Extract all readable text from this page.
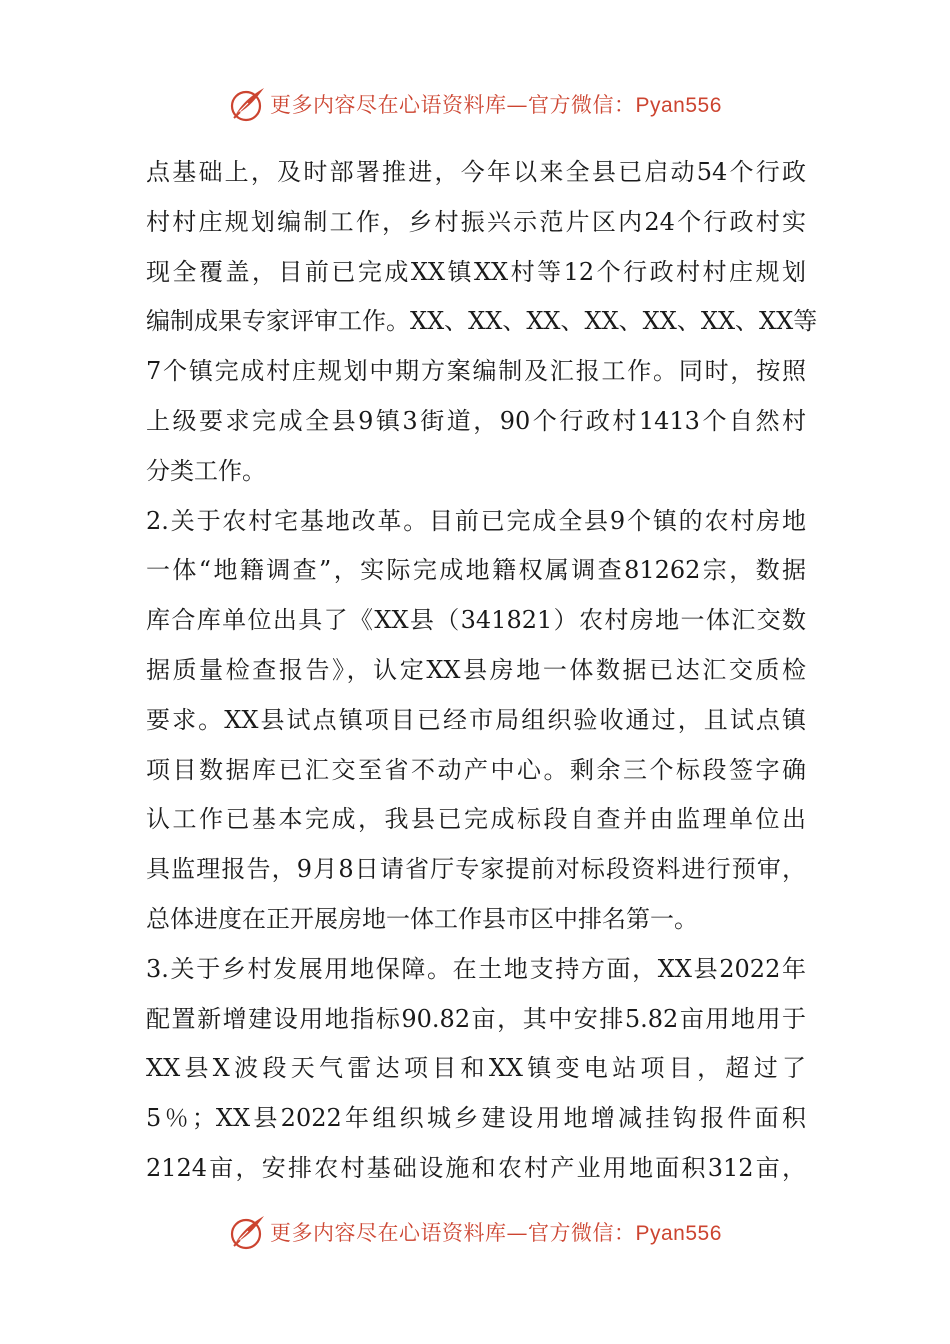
更多内容尽在心语资料库—官方微信：Pyan556
点基础上，及时部署推进，今年以来全县已启动54个行政
村村庄规划编制工作，乡村振兴示范片区内24个行政村实
现全覆盖，目前已完成XX镇XX村等12个行政村村庄规划
编制成果专家评审工作。XX、XX、XX、XX、XX、XX、XX等
7个镇完成村庄规划中期方案编制及汇报工作。同时，按照
上级要求完成全县9镇3街道，90个行政村1413个自然村
分类工作。
2.关于农村宅基地改革。目前已完成全县9个镇的农村房地
一体“地籍调查”，实际完成地籍权属调查81262宗，数据
库合库单位出具了《XX县（341821）农村房地一体汇交数
据质量检查报告》，认定XX县房地一体数据已达汇交质检
要求。XX县试点镇项目已经市局组织验收通过，且试点镇
项目数据库已汇交至省不动产中心。剩余三个标段签字确
认工作已基本完成，我县已完成标段自查并由监理单位出
具监理报告，9月8日请省厅专家提前对标段资料进行预审，
总体进度在正开展房地一体工作县市区中排名第一。
3.关于乡村发展用地保障。在土地支持方面，XX县2022年
配置新增建设用地指标90.82亩，其中安排5.82亩用地用于
XX县X波段天气雷达项目和XX镇变电站项目，超过了
5％；XX县2022年组织城乡建设用地增减挂钩报件面积
2124亩，安排农村基础设施和农村产业用地面积312亩，
更多内容尽在心语资料库—官方微信：Pyan556
